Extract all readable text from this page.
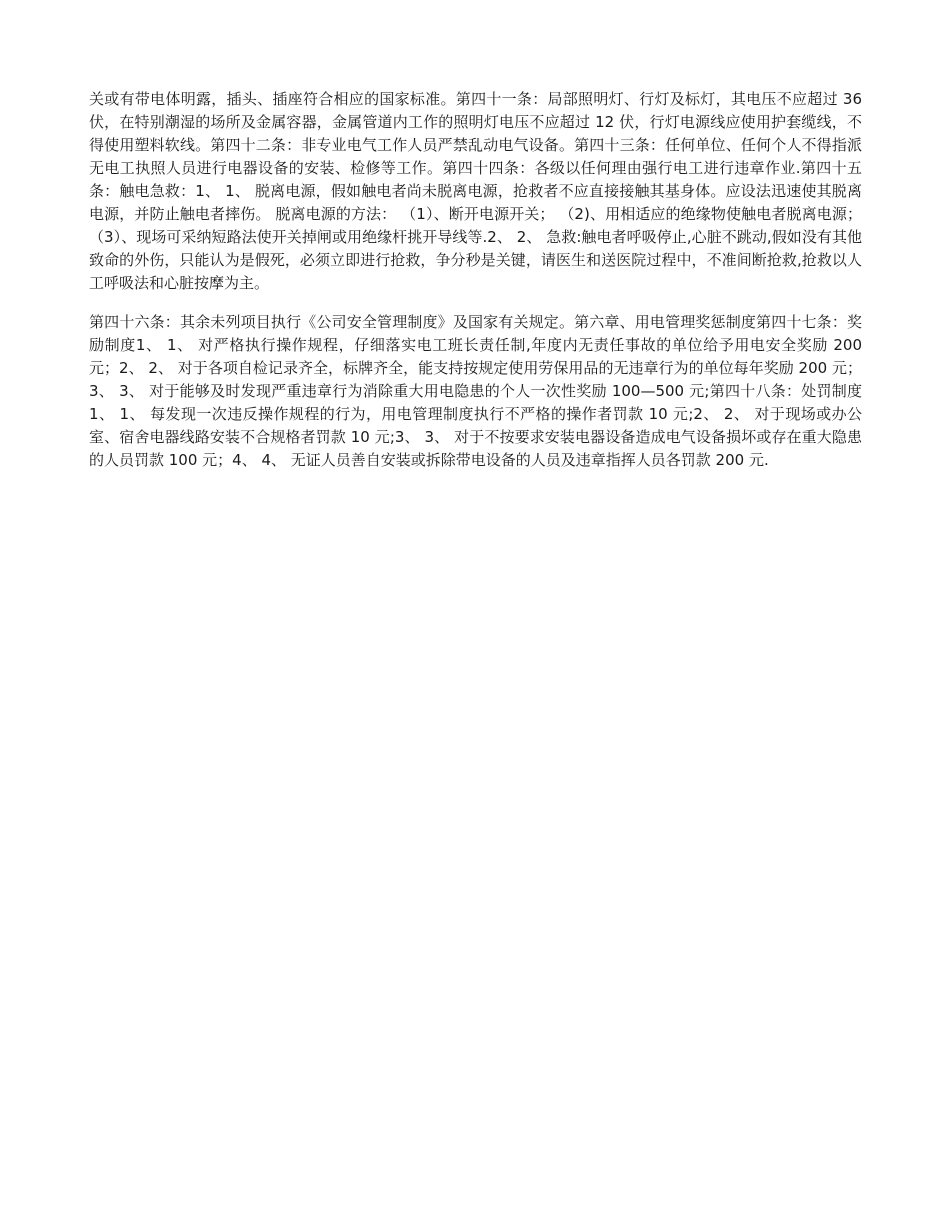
关或有带电体明露，插头、插座符合相应的国家标准。第四十一条：局部照明灯、行灯及标灯，其电压不应超过 36 伏，在特别潮湿的场所及金属容器，金属管道内工作的照明灯电压不应超过 12 伏，行灯电源线应使用护套缆线，不得使用塑料软线。第四十二条：非专业电气工作人员严禁乱动电气设备。第四十三条：任何单位、任何个人不得指派无电工执照人员进行电器设备的安装、检修等工作。第四十四条：各级以任何理由强行电工进行违章作业.第四十五条：触电急救：1、 1、 脱离电源，假如触电者尚未脱离电源，抢救者不应直接接触其基身体。应设法迅速使其脱离电源，并防止触电者摔伤。 脱离电源的方法： （1）、断开电源开关； （2)、用相适应的绝缘物使触电者脱离电源； （3）、现场可采纳短路法使开关掉闸或用绝缘杆挑开导线等.2、 2、 急救:触电者呼吸停止,心脏不跳动,假如没有其他致命的外伤，只能认为是假死，必须立即进行抢救，争分秒是关键，请医生和送医院过程中，不准间断抢救,抢救以人工呼吸法和心脏按摩为主。

第四十六条：其余未列项目执行《公司安全管理制度》及国家有关规定。第六章、用电管理奖惩制度第四十七条：奖励制度1、 1、 对严格执行操作规程，仔细落实电工班长责任制,年度内无责任事故的单位给予用电安全奖励 200 元；2、 2、 对于各项自检记录齐全，标牌齐全，能支持按规定使用劳保用品的无违章行为的单位每年奖励 200 元；3、 3、 对于能够及时发现严重违章行为消除重大用电隐患的个人一次性奖励 100—500 元;第四十八条：处罚制度1、 1、 每发现一次违反操作规程的行为，用电管理制度执行不严格的操作者罚款 10 元;2、 2、 对于现场或办公室、宿舍电器线路安装不合规格者罚款 10 元;3、 3、 对于不按要求安装电器设备造成电气设备损坏或存在重大隐患的人员罚款 100 元；4、 4、 无证人员善自安装或拆除带电设备的人员及违章指挥人员各罚款 200 元.
